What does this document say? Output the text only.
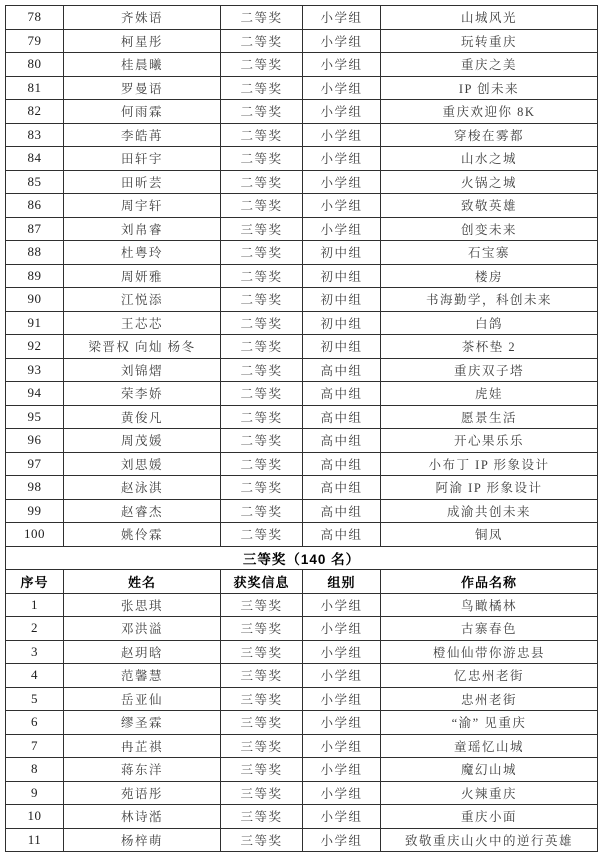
78	齐姝语	二等奖	小学组	山城风光
79	柯星彤	二等奖	小学组	玩转重庆
80	桂晨曦	二等奖	小学组	重庆之美
81	罗曼语	二等奖	小学组	IP 创未来
82	何雨霖	二等奖	小学组	重庆欢迎你 8K
83	李皓苒	二等奖	小学组	穿梭在雾都
84	田轩宇	二等奖	小学组	山水之城
85	田昕芸	二等奖	小学组	火锅之城
86	周宇轩	二等奖	小学组	致敬英雄
87	刘帛睿	三等奖	小学组	创变未来
88	杜粤玲	二等奖	初中组	石宝寨
89	周妍雅	二等奖	初中组	楼房
90	江悦添	二等奖	初中组	书海勤学，科创未来
91	王芯芯	二等奖	初中组	白鸽
92	梁晋权 向灿 杨冬	二等奖	初中组	茶杯垫 2
93	刘锦熠	二等奖	高中组	重庆双子塔
94	荣李娇	二等奖	高中组	虎娃
95	黄俊凡	二等奖	高中组	愿景生活
96	周茂媛	二等奖	高中组	开心果乐乐
97	刘思媛	二等奖	高中组	小布丁 IP 形象设计
98	赵泳淇	二等奖	高中组	阿渝 IP 形象设计
99	赵睿杰	二等奖	高中组	成渝共创未来
100	姚伶霖	二等奖	高中组	铜凤
三等奖（140 名）				
序号	姓名	获奖信息	组别	作品名称
1	张思琪	三等奖	小学组	鸟瞰橘林
2	邓洪溢	三等奖	小学组	古寨春色
3	赵玥晗	三等奖	小学组	橙仙仙带你游忠县
4	范馨慧	三等奖	小学组	忆忠州老街
5	岳亚仙	三等奖	小学组	忠州老街
6	缪圣霖	三等奖	小学组	“渝” 见重庆
7	冉芷祺	三等奖	小学组	童瑶忆山城
8	蒋东洋	三等奖	小学组	魔幻山城
9	苑语彤	三等奖	小学组	火辣重庆
10	林诗湉	三等奖	小学组	重庆小面
11	杨梓萌	三等奖	小学组	致敬重庆山火中的逆行英雄
